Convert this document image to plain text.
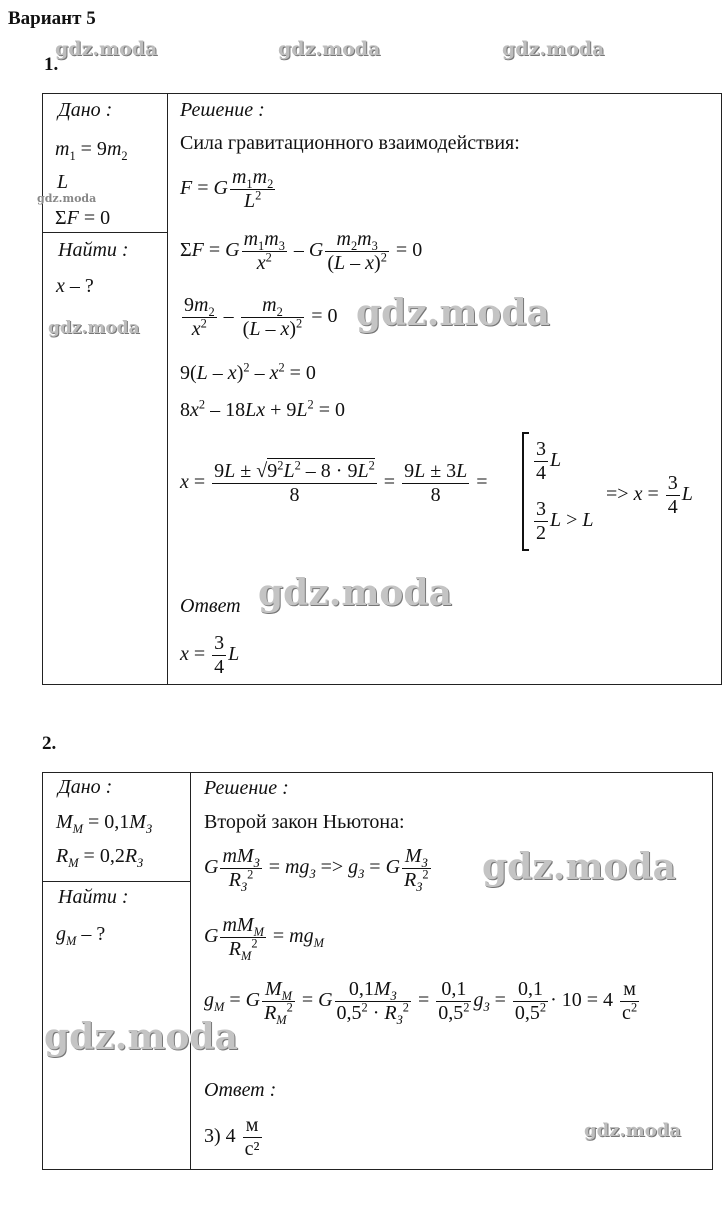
Вариант 5
gdz.moda	gdz.moda	gdz.moda
1.
Дано :
$m_1 = 9m_2$
L
gdz.moda
ΣF = 0
Найти :
x – ?
gdz.moda
Решение :
Сила гравитационного взаимодействия:
F = G $\frac{m_1m_2}{L^2}$
ΣF = G $\frac{m_1m_3}{x^2} - G \frac{m_2m_3}{(L - x)^2} = 0$
$\frac{9m_2}{x^2} - \frac{m_2}{(L - x)^2} = 0$ gdz.moda
$9(L - x)^2 - x^2 = 0$
$8x^2 - 18Lx + 9L^2 = 0$
$x = \frac{9L \pm √9^2L^2 - 8 \cdot 9L^2}{8} = \frac{9L \pm 3L}{8} = \frac{3}{4}$ L
$\frac{3}{2}$ L > L
=> $x = \frac{3}{4}$ L
Ответ gdz.moda
$x = \frac{3}{4}$ L
2.
Дано :
$M_M = 0,1M_З$
$R_M = 0,2R_З$
Найти :
$g_M$ – ?
gdz.moda
Решение :
Второй закон Ньютона:
G $\frac{mM_З}{R_З^2} = mg_З => g_З = G \frac{M_З}{R_З^2}$ gdz.moda
G $\frac{mM_M}{R_M^2} = mg_M$
$g_M = G \frac{M_M}{R_M^2} = G \frac{0,1M_З}{0,5^2 \cdot R_З^2} = \frac{0,1}{0,5^2} g_З = \frac{0,1}{0,5^2} \cdot 10 = 4 \frac{м}{с^2}$
Ответ :
3) $4 \frac{м}{\text{с²}}$	gdz.moda
